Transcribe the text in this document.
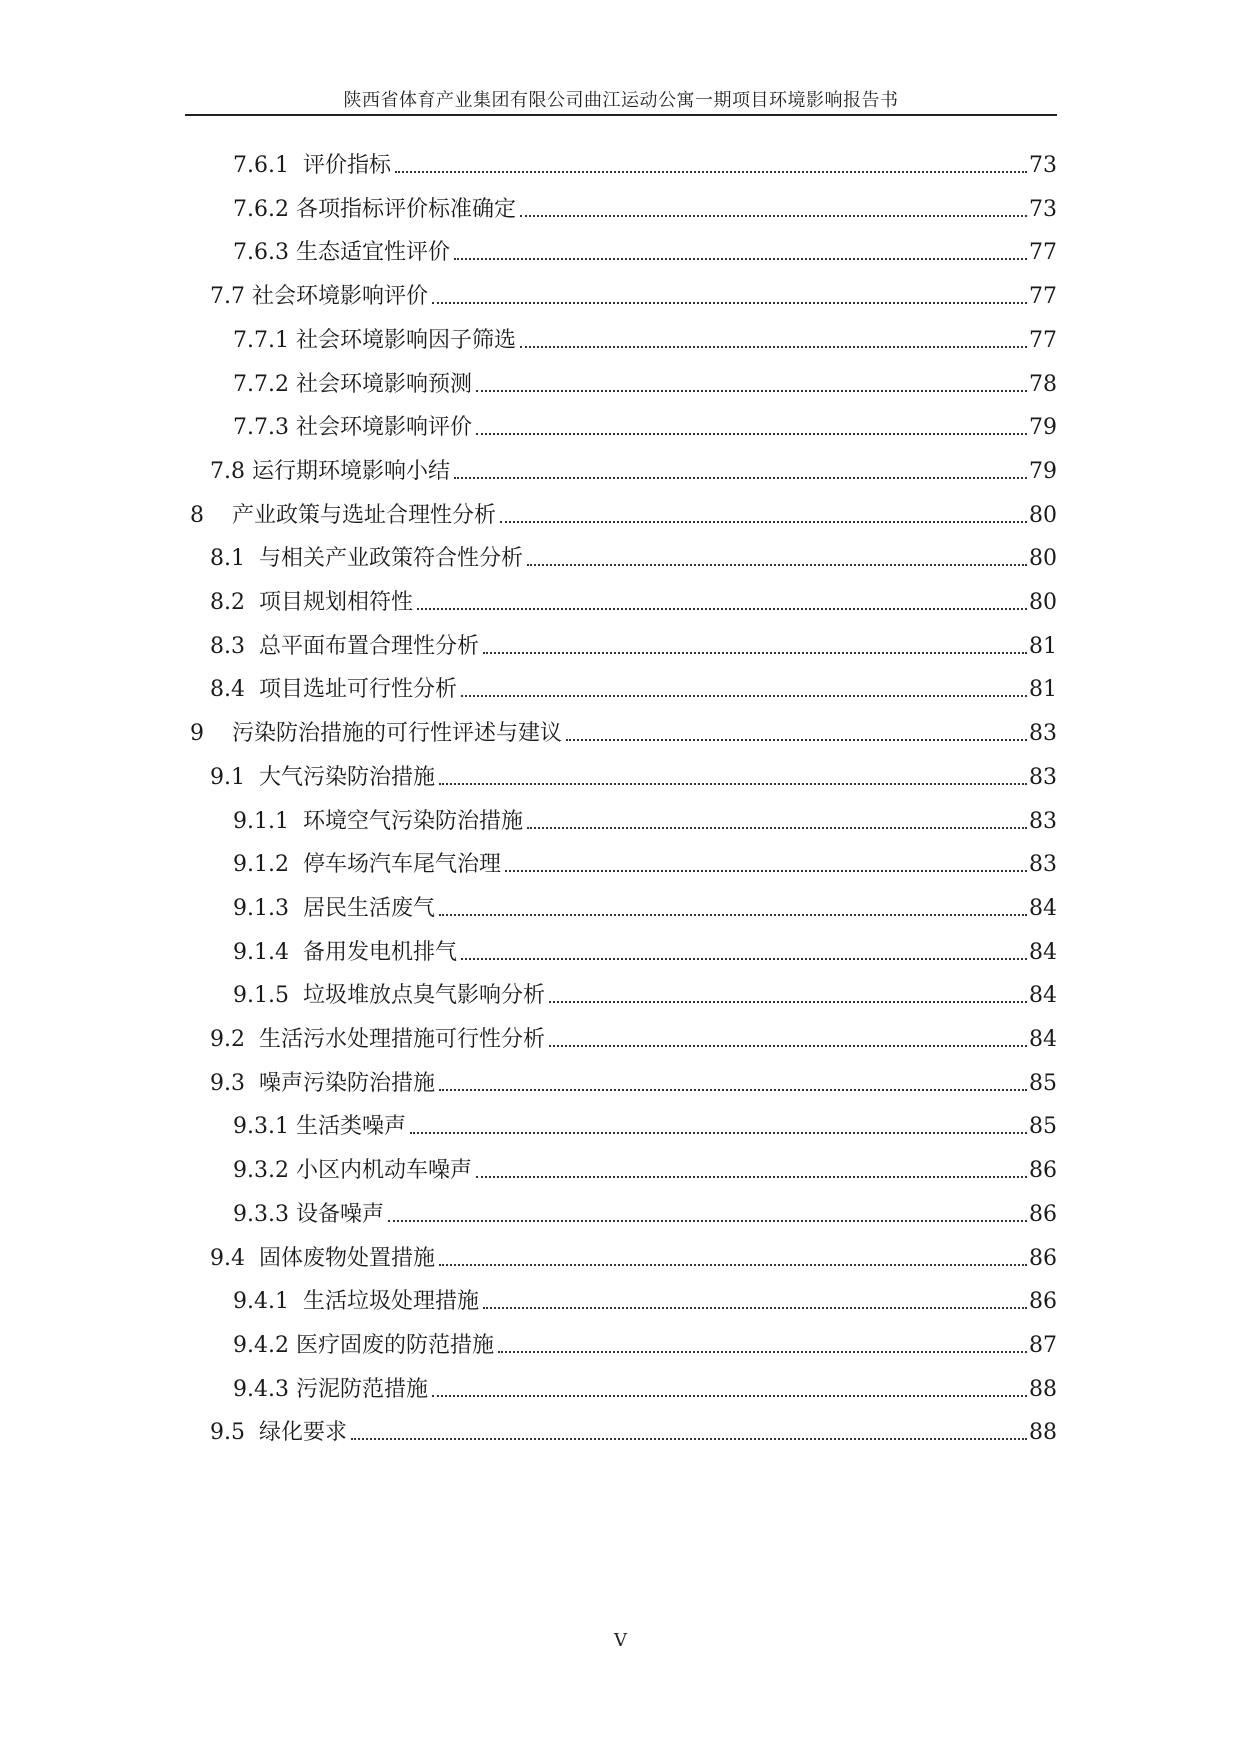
陕西省体育产业集团有限公司曲江运动公寓一期项目环境影响报告书
7.6.1 评价指标	73
7.6.2 各项指标评价标准确定	73
7.6.3 生态适宜性评价	77
7.7 社会环境影响评价	77
7.7.1 社会环境影响因子筛选	77
7.7.2 社会环境影响预测	78
7.7.3 社会环境影响评价	79
7.8 运行期环境影响小结	79
8 产业政策与选址合理性分析	80
8.1 与相关产业政策符合性分析	80
8.2 项目规划相符性	80
8.3 总平面布置合理性分析	81
8.4 项目选址可行性分析	81
9 污染防治措施的可行性评述与建议	83
9.1 大气污染防治措施	83
9.1.1 环境空气污染防治措施	83
9.1.2 停车场汽车尾气治理	83
9.1.3 居民生活废气	84
9.1.4 备用发电机排气	84
9.1.5 垃圾堆放点臭气影响分析	84
9.2 生活污水处理措施可行性分析	84
9.3 噪声污染防治措施	85
9.3.1 生活类噪声	85
9.3.2 小区内机动车噪声	86
9.3.3 设备噪声	86
9.4 固体废物处置措施	86
9.4.1 生活垃圾处理措施	86
9.4.2 医疗固废的防范措施	87
9.4.3 污泥防范措施	88
9.5 绿化要求	88
V
